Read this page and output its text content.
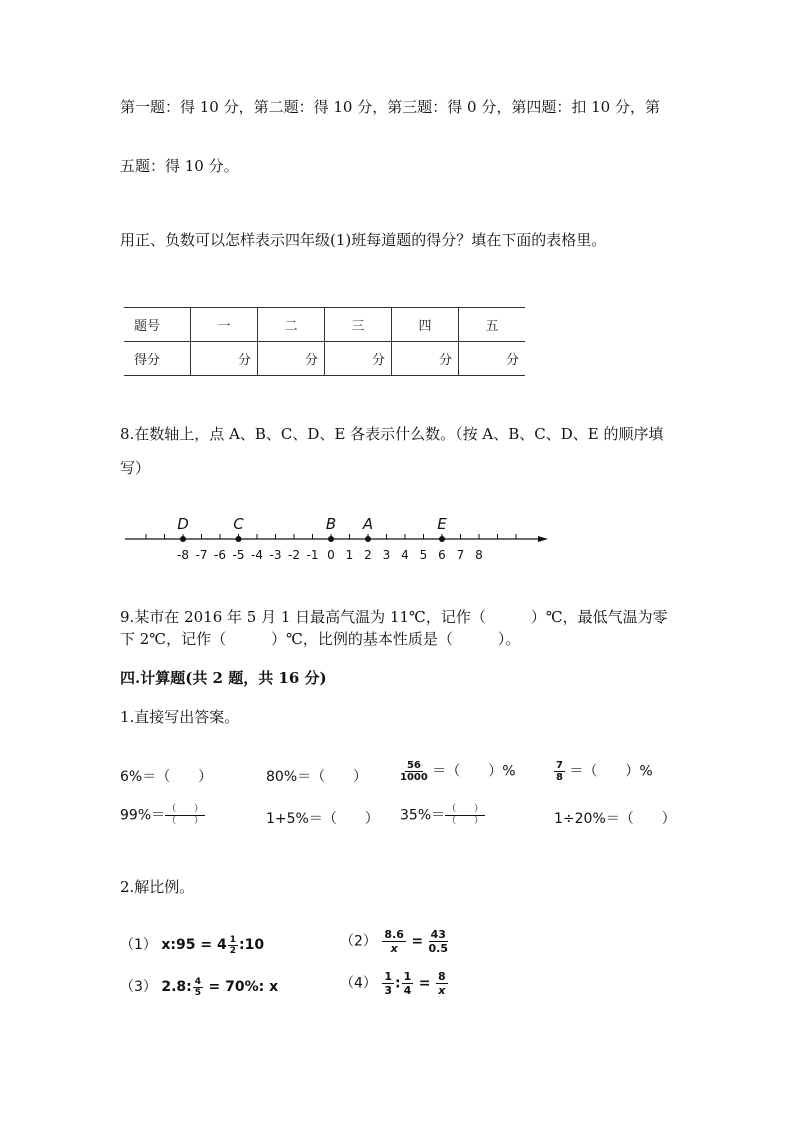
第一题：得 10 分，第二题：得 10 分，第三题：得 0 分，第四题：扣 10 分，第
五题：得 10 分。
用正、负数可以怎样表示四年级(1)班每道题的得分？填在下面的表格里。
题号	一	二	三	四	五
得分	分	分	分	分	分
8.在数轴上，点 A、B、C、D、E 各表示什么数。（按 A、B、C、D、E 的顺序填
写）
-8 -7 -6 -5 -4 -3 -2 -1 0 1 2 3 4 5 6 7 8
D	C	B A	E
9.某市在 2016 年 5 月 1 日最高气温为 11℃，记作（　　　）℃，最低气温为零
下 2℃，记作（　　　）℃，比例的基本性质是（　　　）。
四.计算题(共 2 题，共 16 分)
1.直接写出答案。
6%＝（　　）	80%＝（　　）	$\frac{56}{1000}$ ＝（　　）%	$\frac{7}{8}$ ＝（　　）%
$99\%= \frac{( )}{( )}$	1+5%＝（　　） $35\%= \frac{( )}{( )}$	1÷20%＝（　　）
2.解比例。
（1） x:95 = $4 \frac{1}{2}$ :10	$(2) \frac{8.6}{x} = \frac{43}{0.5}$
（3） 2.8: $\frac{4}{5} = 70\%$: x	$(4) \frac{1}{3}$ : $\frac{1}{4} = \frac{8}{x}$
